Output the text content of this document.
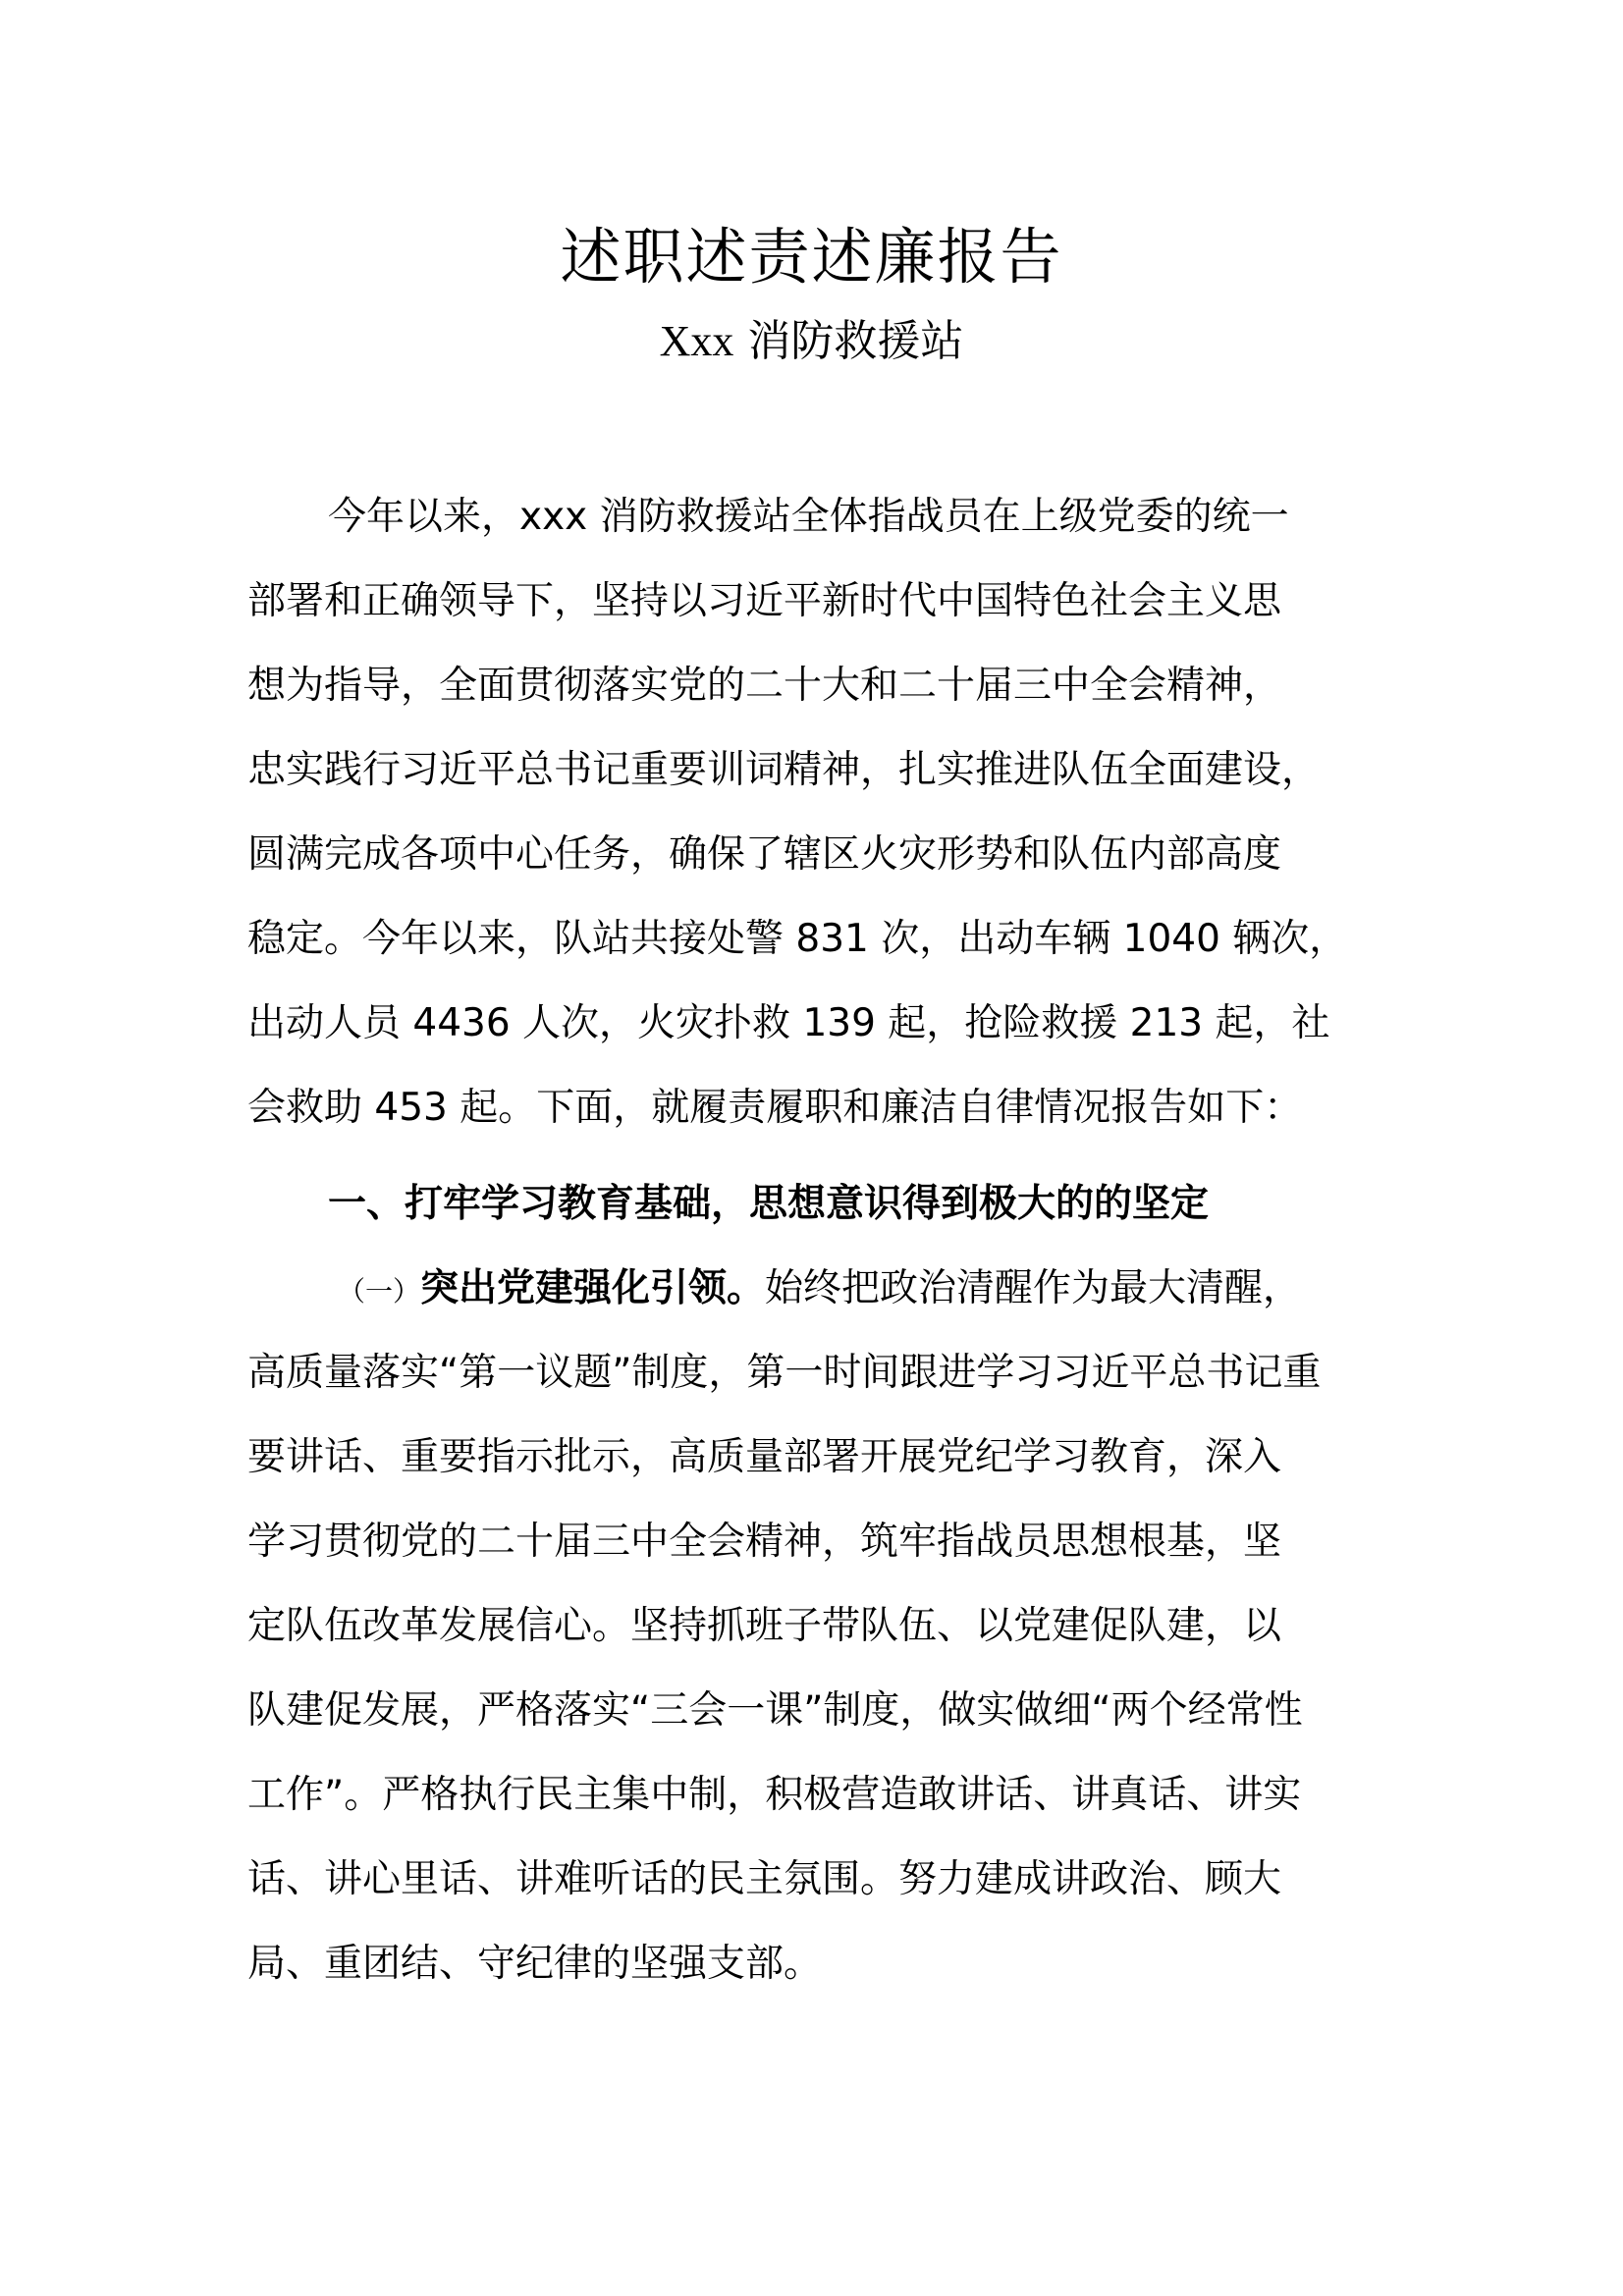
述职述责述廉报告
Xxx 消防救援站
今年以来，xxx 消防救援站全体指战员在上级党委的统一
部署和正确领导下，坚持以习近平新时代中国特色社会主义思
想为指导，全面贯彻落实党的二十大和二十届三中全会精神，
忠实践行习近平总书记重要训词精神，扎实推进队伍全面建设，
圆满完成各项中心任务，确保了辖区火灾形势和队伍内部高度
稳定。今年以来，队站共接处警 831 次，出动车辆 1040 辆次，
出动人员 4436 人次，火灾扑救 139 起，抢险救援 213 起，社
会救助 453 起。下面，就履责履职和廉洁自律情况报告如下：
一、打牢学习教育基础，思想意识得到极大的的坚定
（一）突出党建强化引领。始终把政治清醒作为最大清醒，
高质量落实“第一议题”制度，第一时间跟进学习习近平总书记重
要讲话、重要指示批示，高质量部署开展党纪学习教育，深入
学习贯彻党的二十届三中全会精神，筑牢指战员思想根基，坚
定队伍改革发展信心。坚持抓班子带队伍、以党建促队建，以
队建促发展，严格落实“三会一课”制度，做实做细“两个经常性
工作”。严格执行民主集中制，积极营造敢讲话、讲真话、讲实
话、讲心里话、讲难听话的民主氛围。努力建成讲政治、顾大
局、重团结、守纪律的坚强支部。
